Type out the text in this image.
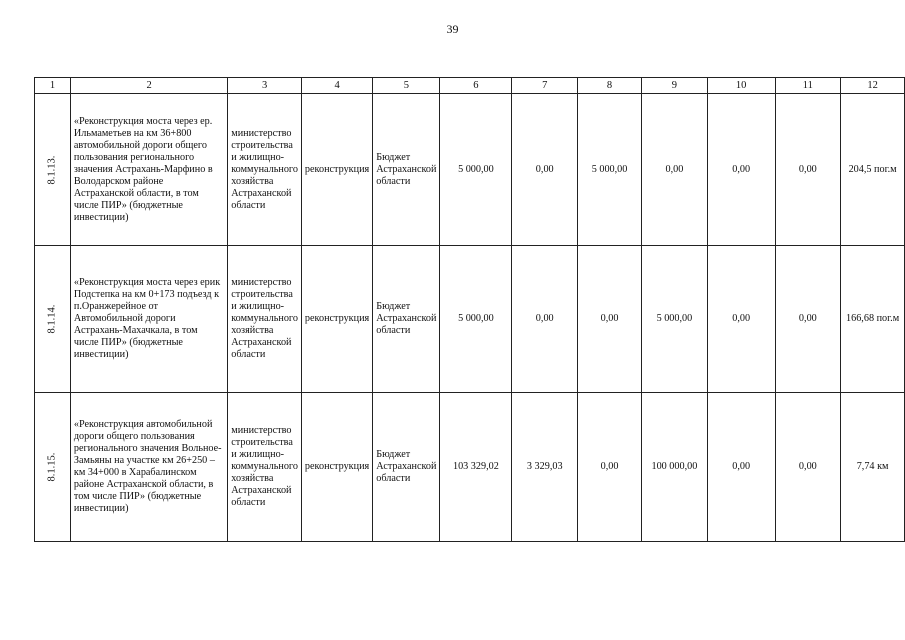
39
1	2	3	4	5	6	7	8	9	10	11	12
8.1.13.	«Реконструкция моста через ер. Ильмаметьев на км 36+800 автомобильной дороги общего пользования регионального значения Астрахань-Марфино в Володарском районе Астраханской области, в том числе ПИР» (бюджетные инвестиции)	министерство строительства и жилищно-коммунального хозяйства Астраханской области	реконструкция	Бюджет Астраханской области	5 000,00	0,00	5 000,00	0,00	0,00	0,00	204,5 пог.м
8.1.14.	«Реконструкция моста через ерик Подстепка на км 0+173 подъезд к п.Оранжерейное от Автомобильной дороги Астрахань-Махачкала, в том числе ПИР» (бюджетные инвестиции)	министерство строительства и жилищно-коммунального хозяйства Астраханской области	реконструкция	Бюджет Астраханской области	5 000,00	0,00	0,00	5 000,00	0,00	0,00	166,68 пог.м
8.1.15.	«Реконструкция автомобильной дороги общего пользования регионального значения Вольное-Замьяны на участке км 26+250 – км 34+000 в Харабалинском районе Астраханской области, в том числе ПИР» (бюджетные инвестиции)	министерство строительства и жилищно-коммунального хозяйства Астраханской области	реконструкция	Бюджет Астраханской области	103 329,02	3 329,03	0,00	100 000,00	0,00	0,00	7,74 км
